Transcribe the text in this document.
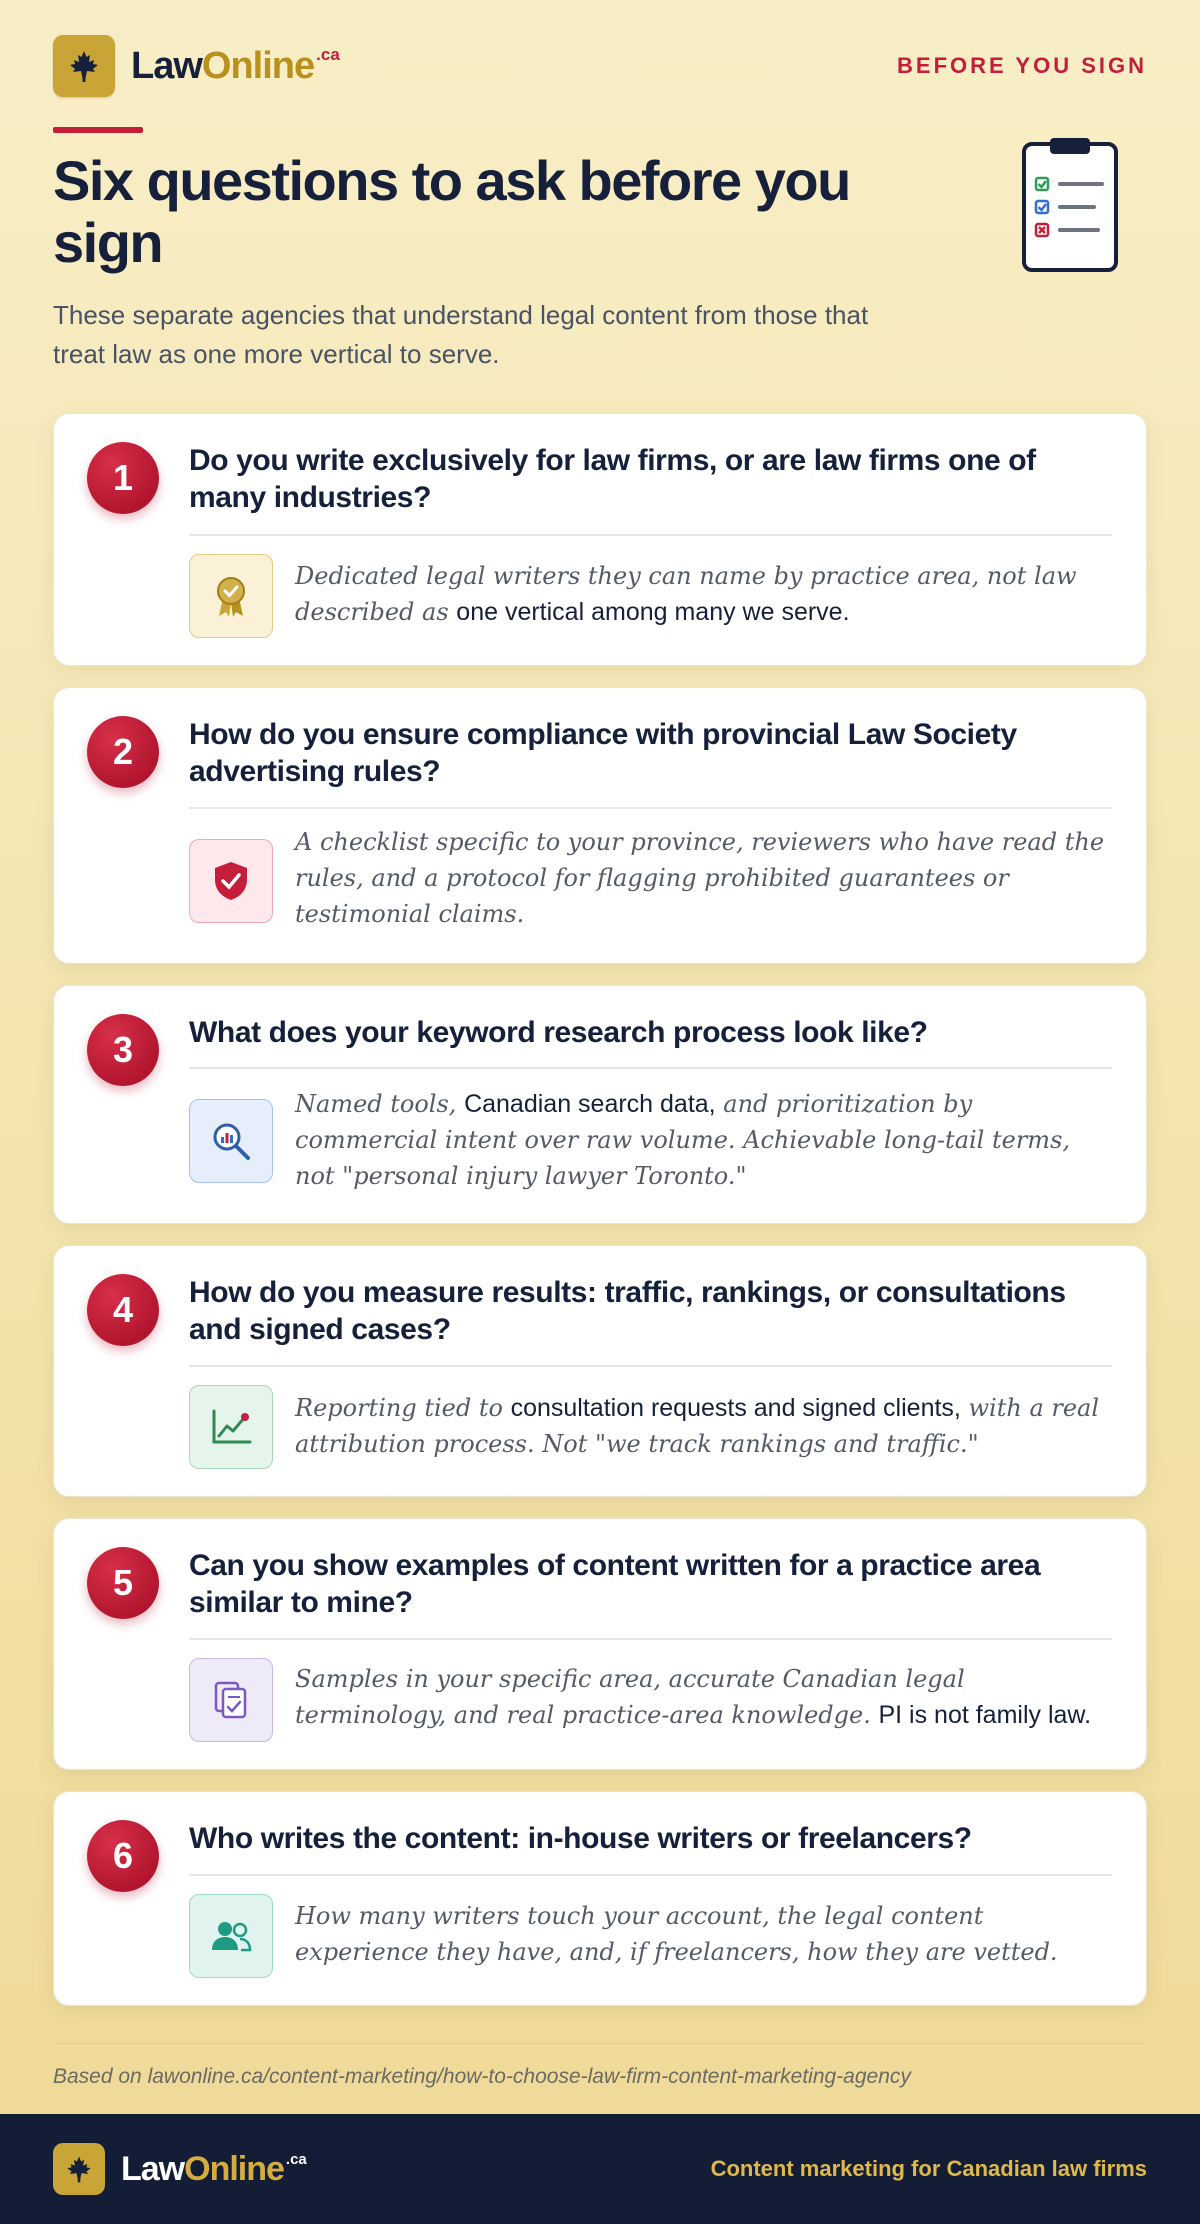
LawOnline $^{.ca}$	BEFORE YOU SIGN
Six questions to ask before you sign

These separate agencies that understand legal content from those that treat law as one more vertical to serve.

1	Do you write exclusively for law firms, or are law firms one of many industries?

Dedicated legal writers they can name by practice area, not law described as one vertical among many we serve.

2	How do you ensure compliance with provincial Law Society advertising rules?

A checklist specific to your province, reviewers who have read the rules, and a protocol for flagging prohibited guarantees or testimonial claims.

3	What does your keyword research process look like?

Named tools, Canadian search data, and prioritization by commercial intent over raw volume. Achievable long-tail terms, not "personal injury lawyer Toronto."

4	How do you measure results: traffic, rankings, or consultations and signed cases?

Reporting tied to consultation requests and signed clients, with a real attribution process. Not "we track rankings and traffic."

5	Can you show examples of content written for a practice area similar to mine?

Samples in your specific area, accurate Canadian legal terminology, and real practice-area knowledge. PI is not family law.

6	Who writes the content: in-house writers or freelancers?

How many writers touch your account, the legal content experience they have, and, if freelancers, how they are vetted.

Based on lawonline.ca/content-marketing/how-to-choose-law-firm-content-marketing-agency

LawOnline $^{.ca}$	Content marketing for Canadian law firms
